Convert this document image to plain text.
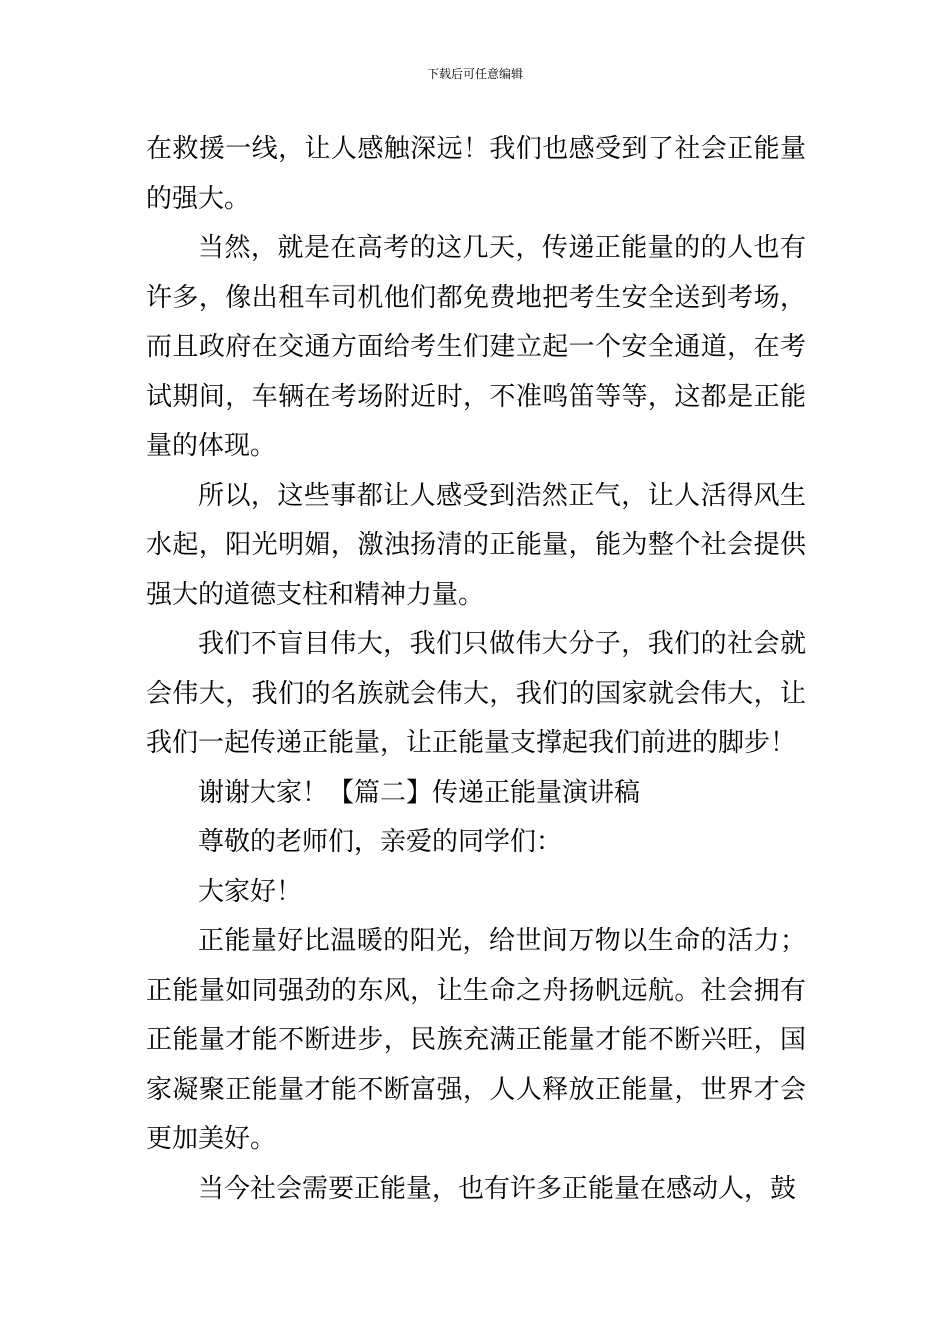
下载后可任意编辑

在救援一线，让人感触深远！我们也感受到了社会正能量的强大。

当然，就是在高考的这几天，传递正能量的的人也有许多，像出租车司机他们都免费地把考生安全送到考场，而且政府在交通方面给考生们建立起一个安全通道，在考试期间，车辆在考场附近时，不准鸣笛等等，这都是正能量的体现。

所以，这些事都让人感受到浩然正气，让人活得风生水起，阳光明媚，激浊扬清的正能量，能为整个社会提供强大的道德支柱和精神力量。

我们不盲目伟大，我们只做伟大分子，我们的社会就会伟大，我们的名族就会伟大，我们的国家就会伟大，让我们一起传递正能量，让正能量支撑起我们前进的脚步！

谢谢大家！【篇二】传递正能量演讲稿

尊敬的老师们，亲爱的同学们：

大家好！

正能量好比温暖的阳光，给世间万物以生命的活力；正能量如同强劲的东风，让生命之舟扬帆远航。社会拥有正能量才能不断进步，民族充满正能量才能不断兴旺，国家凝聚正能量才能不断富强，人人释放正能量，世界才会更加美好。

当今社会需要正能量，也有许多正能量在感动人，鼓
